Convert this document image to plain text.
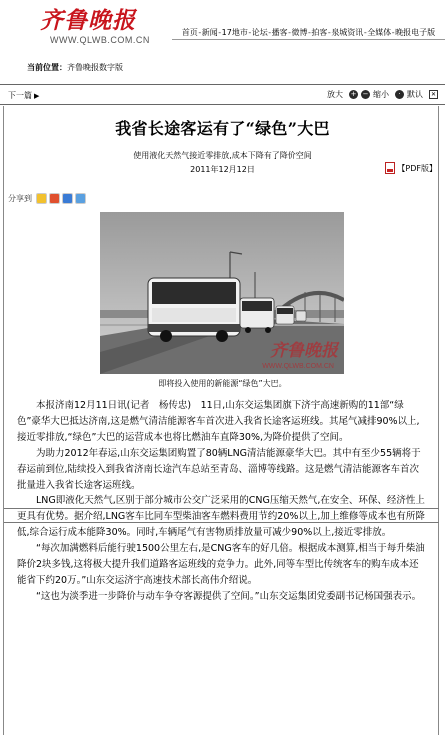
齐鲁晚报
WWW.QLWB.COM.CN
首页 - 新闻 - 17地市 - 论坛 - 播客 - 微博 - 拍客 - 泉城资讯 - 全媒体 - 晚报电子版
当前位置：齐鲁晚报数字版
下一篇 ▶	放大 + − 缩小	· 默认	✕
我省长途客运有了“绿色”大巴
使用液化天然气接近零排放,成本下降有了降价空间
2011年12月12日	【PDF版】
分享到
齐鲁晚报
WWW.QLWB.COM.CN
即将投入使用的新能源“绿色”大巴。

本报济南12月11日讯(记者　杨传忠)　11日,山东交运集团旗下济宇高速新购的11部“绿色”豪华大巴抵达济南,这是燃气清洁能源客车首次进入我省长途客运班线。其尾气减排90%以上,接近零排放,“绿色”大巴的运营成本也将比燃油车直降30%,为降价提供了空间。

为助力2012年春运,山东交运集团购置了80辆LNG清洁能源豪华大巴。其中有至少55辆将于春运前到位,陆续投入到我省济南长途汽车总站至青岛、淄博等线路。这是燃气清洁能源客车首次批量进入我省长途客运班线。

LNG即液化天然气,区别于部分城市公交广泛采用的CNG压缩天然气,在安全、环保、经济性上更具有优势。据介绍,LNG客车比同车型柴油客车燃料费用节约20%以上,加上维修等成本也有所降低,综合运行成本能降30%。同时,车辆尾气有害物质排放量可减少90%以上,接近零排放。

“每次加满燃料后能行驶1500公里左右,是CNG客车的好几倍。根据成本测算,相当于每升柴油降价2块多钱,这将极大提升我们道路客运班线的竞争力。此外,同等车型比传统客车的购车成本还能省下约20万。”山东交运济宇高速技术部长高伟介绍说。

“这也为淡季进一步降价与动车争夺客源提供了空间。”山东交运集团党委副书记杨国强表示。
